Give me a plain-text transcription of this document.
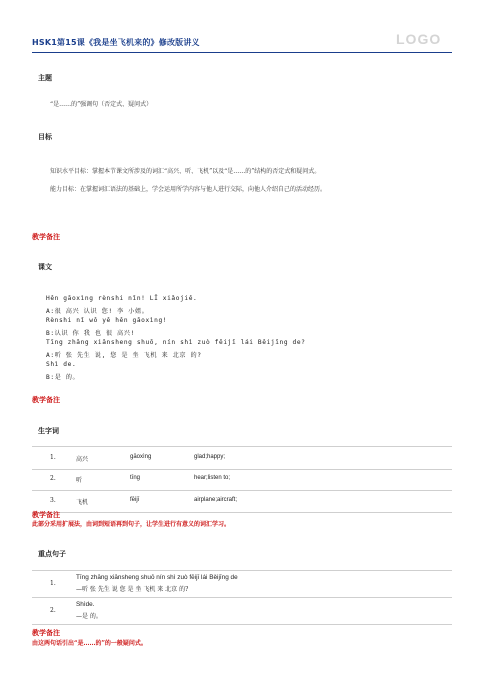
HSK1第15课《我是坐飞机来的》修改版讲义	LOGO
主题
“是……的”强调句（否定式、疑问式）
目标
知识水平目标：掌握本节课文所涉及的词汇“高兴、听、飞机”以及“是……的”结构的否定式和疑问式。
能力目标：在掌握词汇语法的基础上，学会运用所学内容与他人进行交际，向他人介绍自己的活动经历。
教学备注
课文
Hěn gāoxìng rènshi nǐn! LǏ xiǎojiě.
A:很 高兴 认识 您! 李 小姐。
Rènshi nǐ wǒ yě hěn gāoxìng!
B:认识 你 我 也 很 高兴!
Tīng zhāng xiānsheng shuō, nín shì zuò fēijī lái Běijīng de?
A:听 张 先生 说, 您 是 坐 飞机 来 北京 的?
Shì de.
B:是 的。
教学备注
生字词
1.	高兴	gāoxìng	glad;happy;
2.	听	tīng	hear;listen to;
3.	飞机	fēijī	airplane;aircraft;
教学备注
此部分采用扩展法，由词到短语再到句子，让学生进行有意义的词汇学习。
重点句子
1.
Tīng zhāng xiānsheng shuō nín shì zuò fēijī lái Běijīng de
—听 张 先生 说 您 是 坐 飞机 来 北京 的?
2.
Shìde.
—是 的。
教学备注
由这两句话引出“是……的”的一般疑问式。
